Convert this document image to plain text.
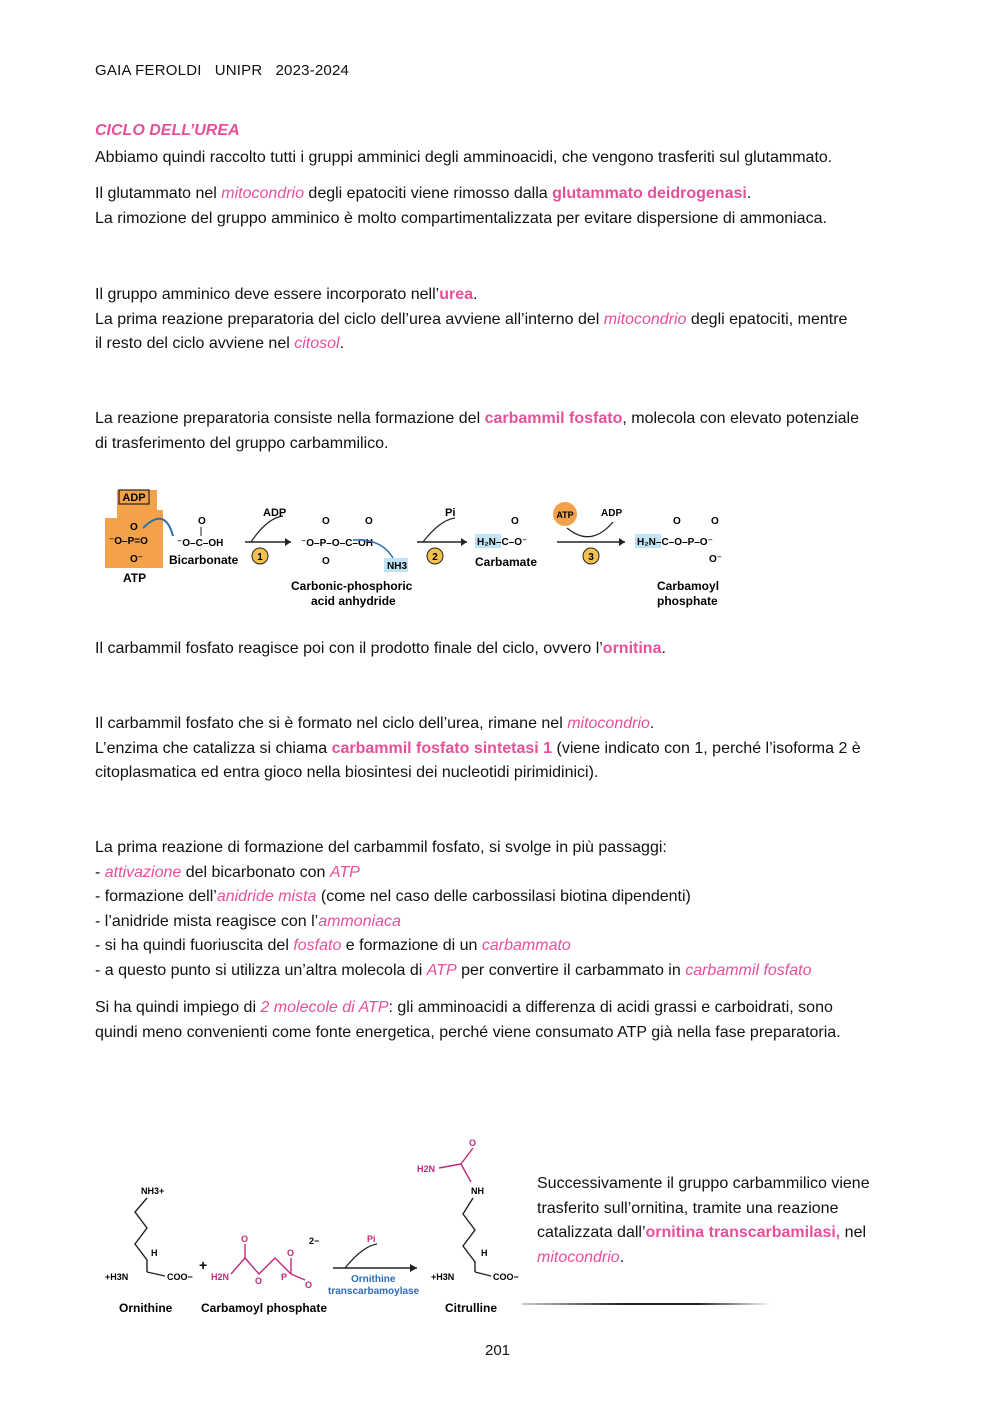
GAIA FEROLDI UNIPR 2023-2024
CICLO DELL’UREA
Abbiamo quindi raccolto tutti i gruppi amminici degli amminoacidi, che vengono trasferiti sul glutammato.
Il glutammato nel mitocondrio degli epatociti viene rimosso dalla glutammato deidrogenasi.
La rimozione del gruppo amminico è molto compartimentalizzata per evitare dispersione di ammoniaca.
Il gruppo amminico deve essere incorporato nell’urea.
La prima reazione preparatoria del ciclo dell’urea avviene all’interno del mitocondrio degli epatociti, mentre
il resto del ciclo avviene nel citosol.
La reazione preparatoria consiste nella formazione del carbammil fosfato, molecola con elevato potenziale
di trasferimento del gruppo carbammilico.
ADP
⁻O–P=O
O
O⁻
ATP
⁻O–C–OH
O
Bicarbonate
ADP
1
⁻O–P–O–C–OH
O	O
O	NH3
Carbonic-phosphoric
acid anhydride
Pi
2
H₂N–C–O⁻
O
Carbamate
ATP	ADP
3
H₂N–C–O–P–O⁻
O	O
O⁻
Carbamoyl
phosphate
Il carbammil fosfato reagisce poi con il prodotto finale del ciclo, ovvero l’ornitina.
Il carbammil fosfato che si è formato nel ciclo dell’urea, rimane nel mitocondrio.
L’enzima che catalizza si chiama carbammil fosfato sintetasi 1 (viene indicato con 1, perché l’isoforma 2 è
citoplasmatica ed entra gioco nella biosintesi dei nucleotidi pirimidinici).
La prima reazione di formazione del carbammil fosfato, si svolge in più passaggi:
- attivazione del bicarbonato con ATP
- formazione dell’anidride mista (come nel caso delle carbossilasi biotina dipendenti)
- l’anidride mista reagisce con l’ammoniaca
- si ha quindi fuoriuscita del fosfato e formazione di un carbammato
- a questo punto si utilizza un’altra molecola di ATP per convertire il carbammato in carbammil fosfato
Si ha quindi impiego di 2 molecole di ATP: gli amminoacidi a differenza di acidi grassi e carboidrati, sono
quindi meno convenienti come fonte energetica, perché viene consumato ATP già nella fase preparatoria.
NH3+
H
+H3N	COO−
Ornithine
+
O
H2N	O P
O
O
2−
Carbamoyl phosphate
Pi
Ornithine
transcarbamoylase
H2N
O
NH
H
+H3N	COO−
Citrulline
Successivamente il gruppo carbammilico viene
trasferito sull’ornitina, tramite una reazione
catalizzata dall’ornitina transcarbamilasi, nel
mitocondrio.
201
